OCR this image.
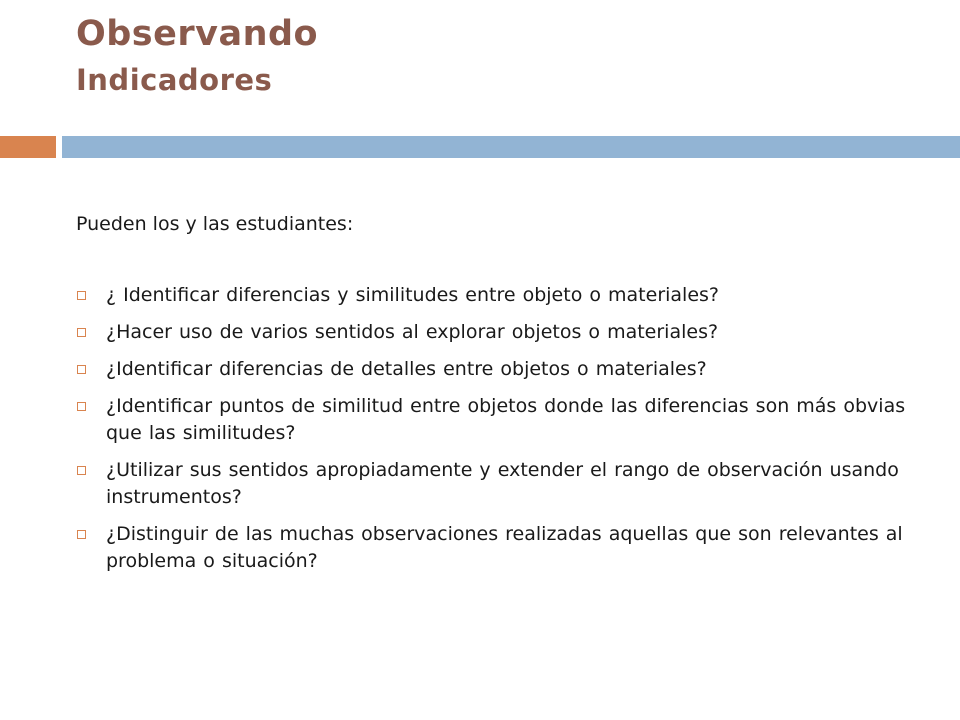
Observando
Indicadores

Pueden los y las estudiantes:

¿ Identificar diferencias y similitudes entre objeto o materiales?
¿Hacer uso de varios sentidos al explorar objetos o materiales?
¿Identificar diferencias de detalles entre objetos o materiales?
¿Identificar puntos de similitud entre objetos donde las diferencias son más obvias que las similitudes?
¿Utilizar sus sentidos apropiadamente y extender el rango de observación usando instrumentos?
¿Distinguir de las muchas observaciones realizadas aquellas que son relevantes al problema o situación?
